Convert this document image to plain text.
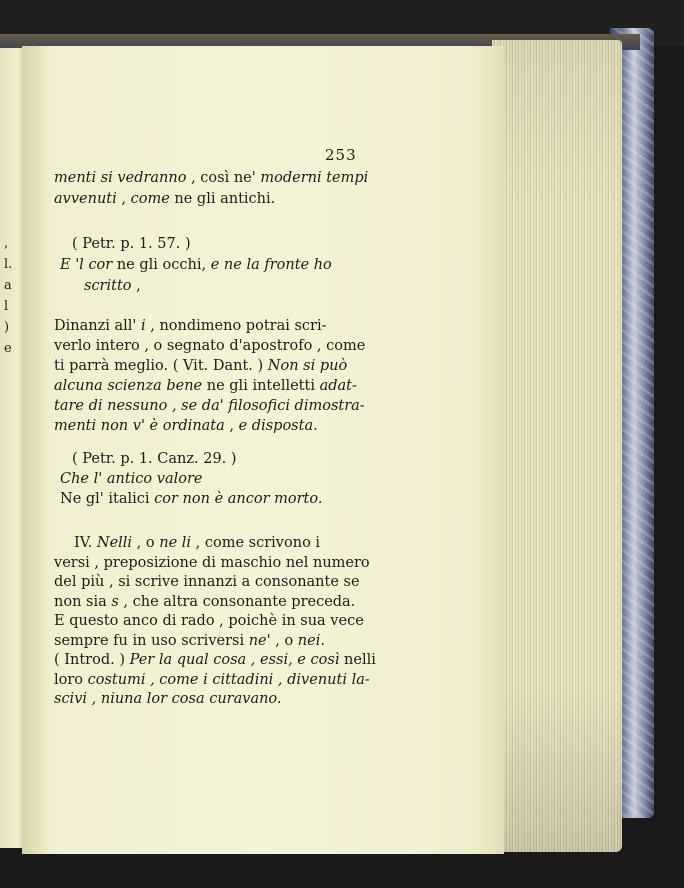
,
l.
a
l
)
e
253
menti si vedranno , così ne' moderni tempi
avvenuti , come ne gli antichi.
( Petr. p. 1. 57. )
E 'l cor ne gli occhi, e ne la fronte ho
scritto ,
Dinanzi all' i , nondimeno potrai scri-
verlo intero , o segnato d'apostrofo , come
ti parrà meglio. ( Vit. Dant. ) Non si può
alcuna scienza bene ne gli intelletti adat-
tare di nessuno , se da' filosofici dimostra-
menti non v' è ordinata , e disposta.
( Petr. p. 1. Canz. 29. )
Che l' antico valore
Ne gl' italici cor non è ancor morto.
IV. Nelli , o ne li , come scrivono i
versi , preposizione di maschio nel numero
del più , si scrive innanzi a consonante se
non sia s , che altra consonante preceda.
E questo anco di rado , poichè in sua vece
sempre fu in uso scriversi ne' , o nei.
( Introd. ) Per la qual cosa , essi, e così nelli
loro costumi , come i cittadini , divenuti la-
scivi , niuna lor cosa curavano.
